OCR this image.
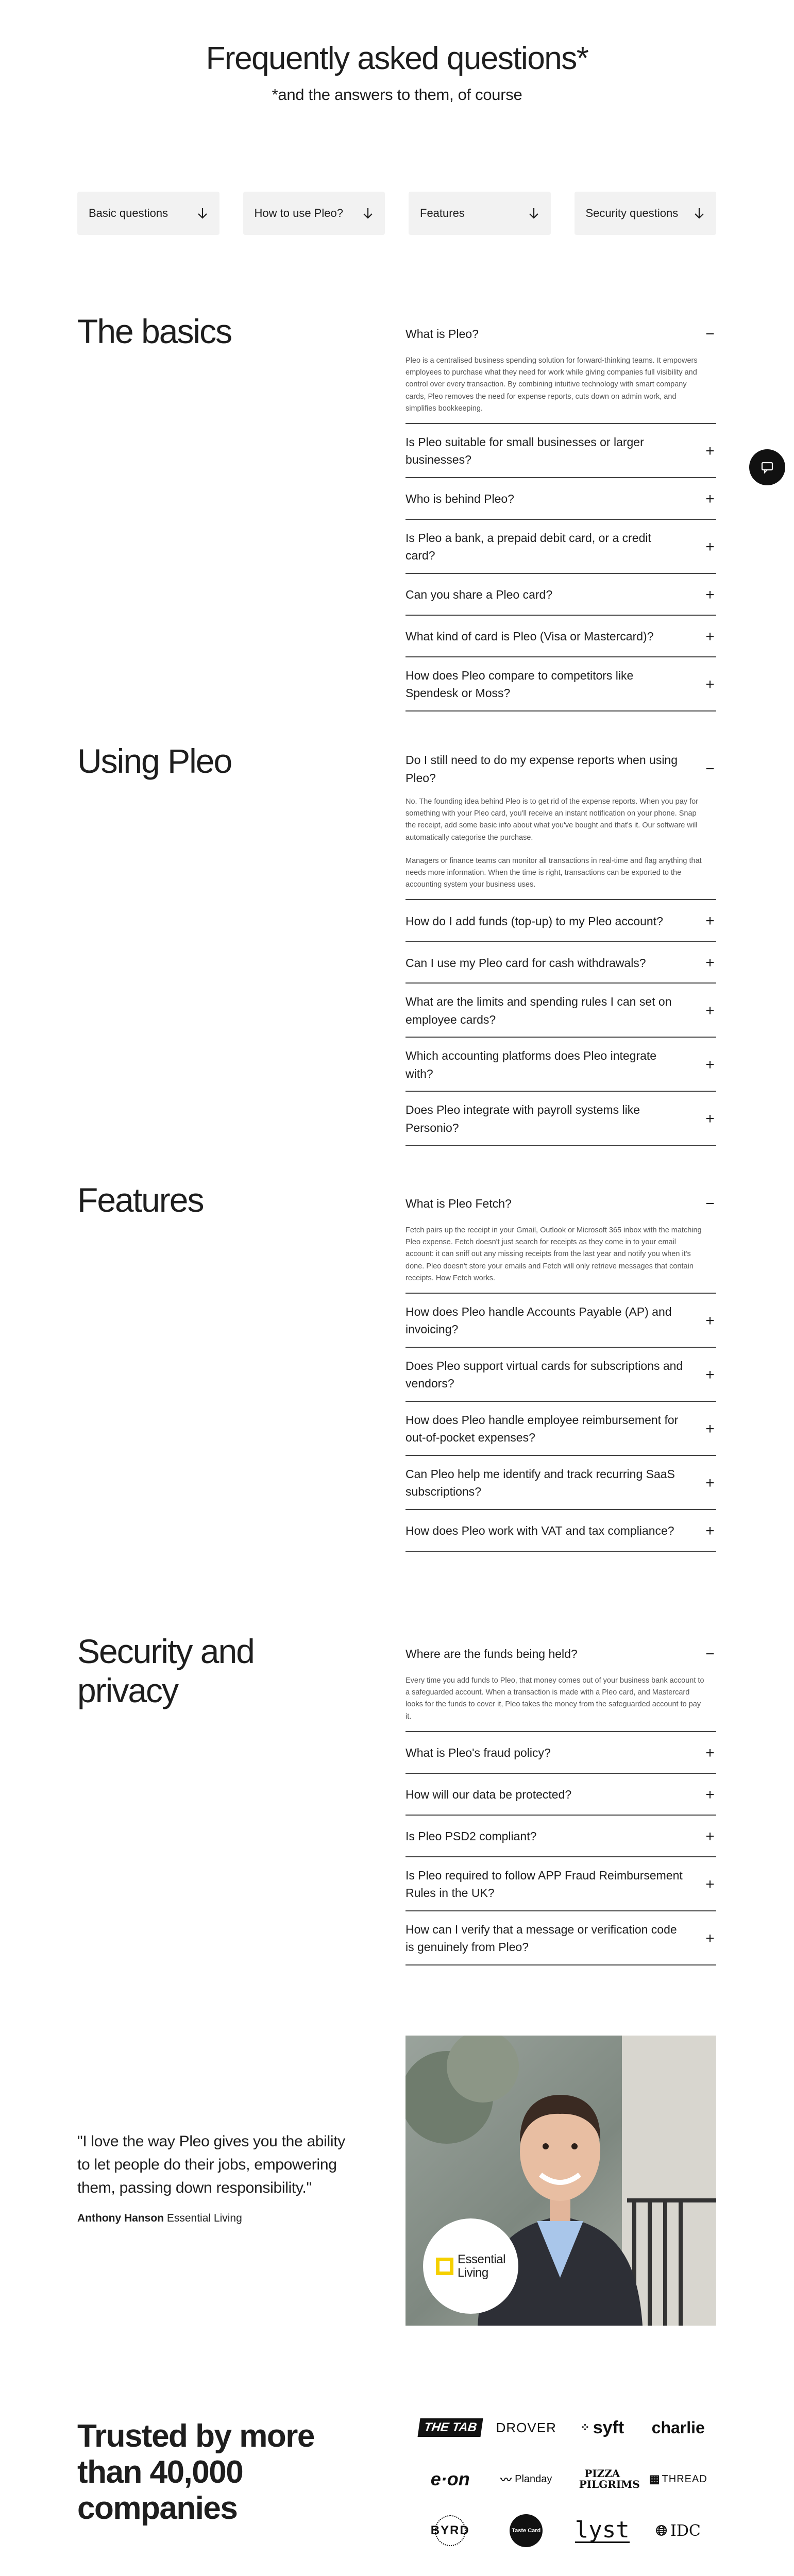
Frequently asked questions*

*and the answers to them, of course

Basic questions	How to use Pleo?	Features	Security questions
The basics	What is Pleo?	−

Pleo is a centralised business spending solution for forward-thinking teams. It empowers employees to purchase what they need for work while giving companies full visibility and control over every transaction. By combining intuitive technology with smart company cards, Pleo removes the need for expense reports, cuts down on admin work, and simplifies bookkeeping.

Is Pleo suitable for small businesses or larger businesses?
+
Who is behind Pleo?	+
Is Pleo a bank, a prepaid debit card, or a credit card?
+
Can you share a Pleo card?	+
What kind of card is Pleo (Visa or Mastercard)?	+
How does Pleo compare to competitors like Spendesk or Moss?
+
Using Pleo	Do I still need to do my expense reports when using Pleo?
−

No. The founding idea behind Pleo is to get rid of the expense reports. When you pay for something with your Pleo card, you'll receive an instant notification on your phone. Snap the receipt, add some basic info about what you've bought and that's it. Our software will automatically categorise the purchase.

Managers or finance teams can monitor all transactions in real-time and flag anything that needs more information. When the time is right, transactions can be exported to the accounting system your business uses.

How do I add funds (top-up) to my Pleo account?	+
Can I use my Pleo card for cash withdrawals?	+
What are the limits and spending rules I can set on employee cards?
+
Which accounting platforms does Pleo integrate with?
+
Does Pleo integrate with payroll systems like Personio?
+
Features	What is Pleo Fetch?	−

Fetch pairs up the receipt in your Gmail, Outlook or Microsoft 365 inbox with the matching Pleo expense. Fetch doesn't just search for receipts as they come in to your email account: it can sniff out any missing receipts from the last year and notify you when it's done. Pleo doesn't store your emails and Fetch will only retrieve messages that contain receipts. How Fetch works.

How does Pleo handle Accounts Payable (AP) and invoicing?
+
Does Pleo support virtual cards for subscriptions and vendors?
+
How does Pleo handle employee reimbursement for out-of-pocket expenses?
+
Can Pleo help me identify and track recurring SaaS subscriptions?
+
How does Pleo work with VAT and tax compliance?	+
Security and privacy
Where are the funds being held?	−

Every time you add funds to Pleo, that money comes out of your business bank account to a safeguarded account. When a transaction is made with a Pleo card, and Mastercard looks for the funds to cover it, Pleo takes the money from the safeguarded account to pay it.

What is Pleo's fraud policy?	+
How will our data be protected?	+
Is Pleo PSD2 compliant?	+
Is Pleo required to follow APP Fraud Reimbursement Rules in the UK?
+
How can I verify that a message or verification code is genuinely from Pleo?
+

"I love the way Pleo gives you the ability to let people do their jobs, empowering them, passing down responsibility."

Anthony Hanson Essential Living

Essential
Living
Trusted by more than 40,000 companies
THE TAB	DROVER ⁘ syft charlie
e·on	〰 Planday	PIZZA PILGRIMS ▦ THREAD
BYRD	Taste Card lyst 🌐︎ IDC
